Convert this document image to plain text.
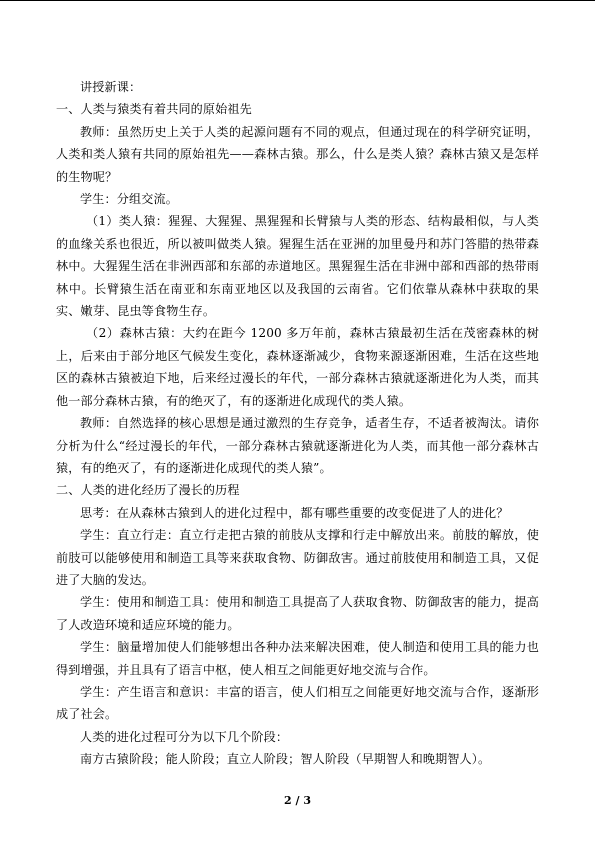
讲授新课：

一、人类与猿类有着共同的原始祖先

教师：虽然历史上关于人类的起源问题有不同的观点，但通过现在的科学研究证明，人类和类人猿有共同的原始祖先——森林古猿。那么，什么是类人猿？森林古猿又是怎样的生物呢？

学生：分组交流。

（1）类人猿：猩猩、大猩猩、黑猩猩和长臂猿与人类的形态、结构最相似，与人类的血缘关系也很近，所以被叫做类人猿。猩猩生活在亚洲的加里曼丹和苏门答腊的热带森林中。大猩猩生活在非洲西部和东部的赤道地区。黑猩猩生活在非洲中部和西部的热带雨林中。长臂猿生活在南亚和东南亚地区以及我国的云南省。它们依靠从森林中获取的果实、嫩芽、昆虫等食物生存。

（2）森林古猿：大约在距今 1200 多万年前，森林古猿最初生活在茂密森林的树上，后来由于部分地区气候发生变化，森林逐渐减少，食物来源逐渐困难，生活在这些地区的森林古猿被迫下地，后来经过漫长的年代，一部分森林古猿就逐渐进化为人类，而其他一部分森林古猿，有的绝灭了，有的逐渐进化成现代的类人猿。

教师：自然选择的核心思想是通过激烈的生存竞争，适者生存，不适者被淘汰。请你分析为什么“经过漫长的年代，一部分森林古猿就逐渐进化为人类，而其他一部分森林古猿，有的绝灭了，有的逐渐进化成现代的类人猿”。

二、人类的进化经历了漫长的历程

思考：在从森林古猿到人的进化过程中，都有哪些重要的改变促进了人的进化？

学生：直立行走：直立行走把古猿的前肢从支撑和行走中解放出来。前肢的解放，使前肢可以能够使用和制造工具等来获取食物、防御敌害。通过前肢使用和制造工具，又促进了大脑的发达。

学生：使用和制造工具：使用和制造工具提高了人获取食物、防御敌害的能力，提高了人改造环境和适应环境的能力。

学生：脑量增加使人们能够想出各种办法来解决困难，使人制造和使用工具的能力也得到增强，并且具有了语言中枢，使人相互之间能更好地交流与合作。

学生：产生语言和意识：丰富的语言，使人们相互之间能更好地交流与合作，逐渐形成了社会。

人类的进化过程可分为以下几个阶段：

南方古猿阶段；能人阶段；直立人阶段；智人阶段（早期智人和晚期智人）。

2 / 3
